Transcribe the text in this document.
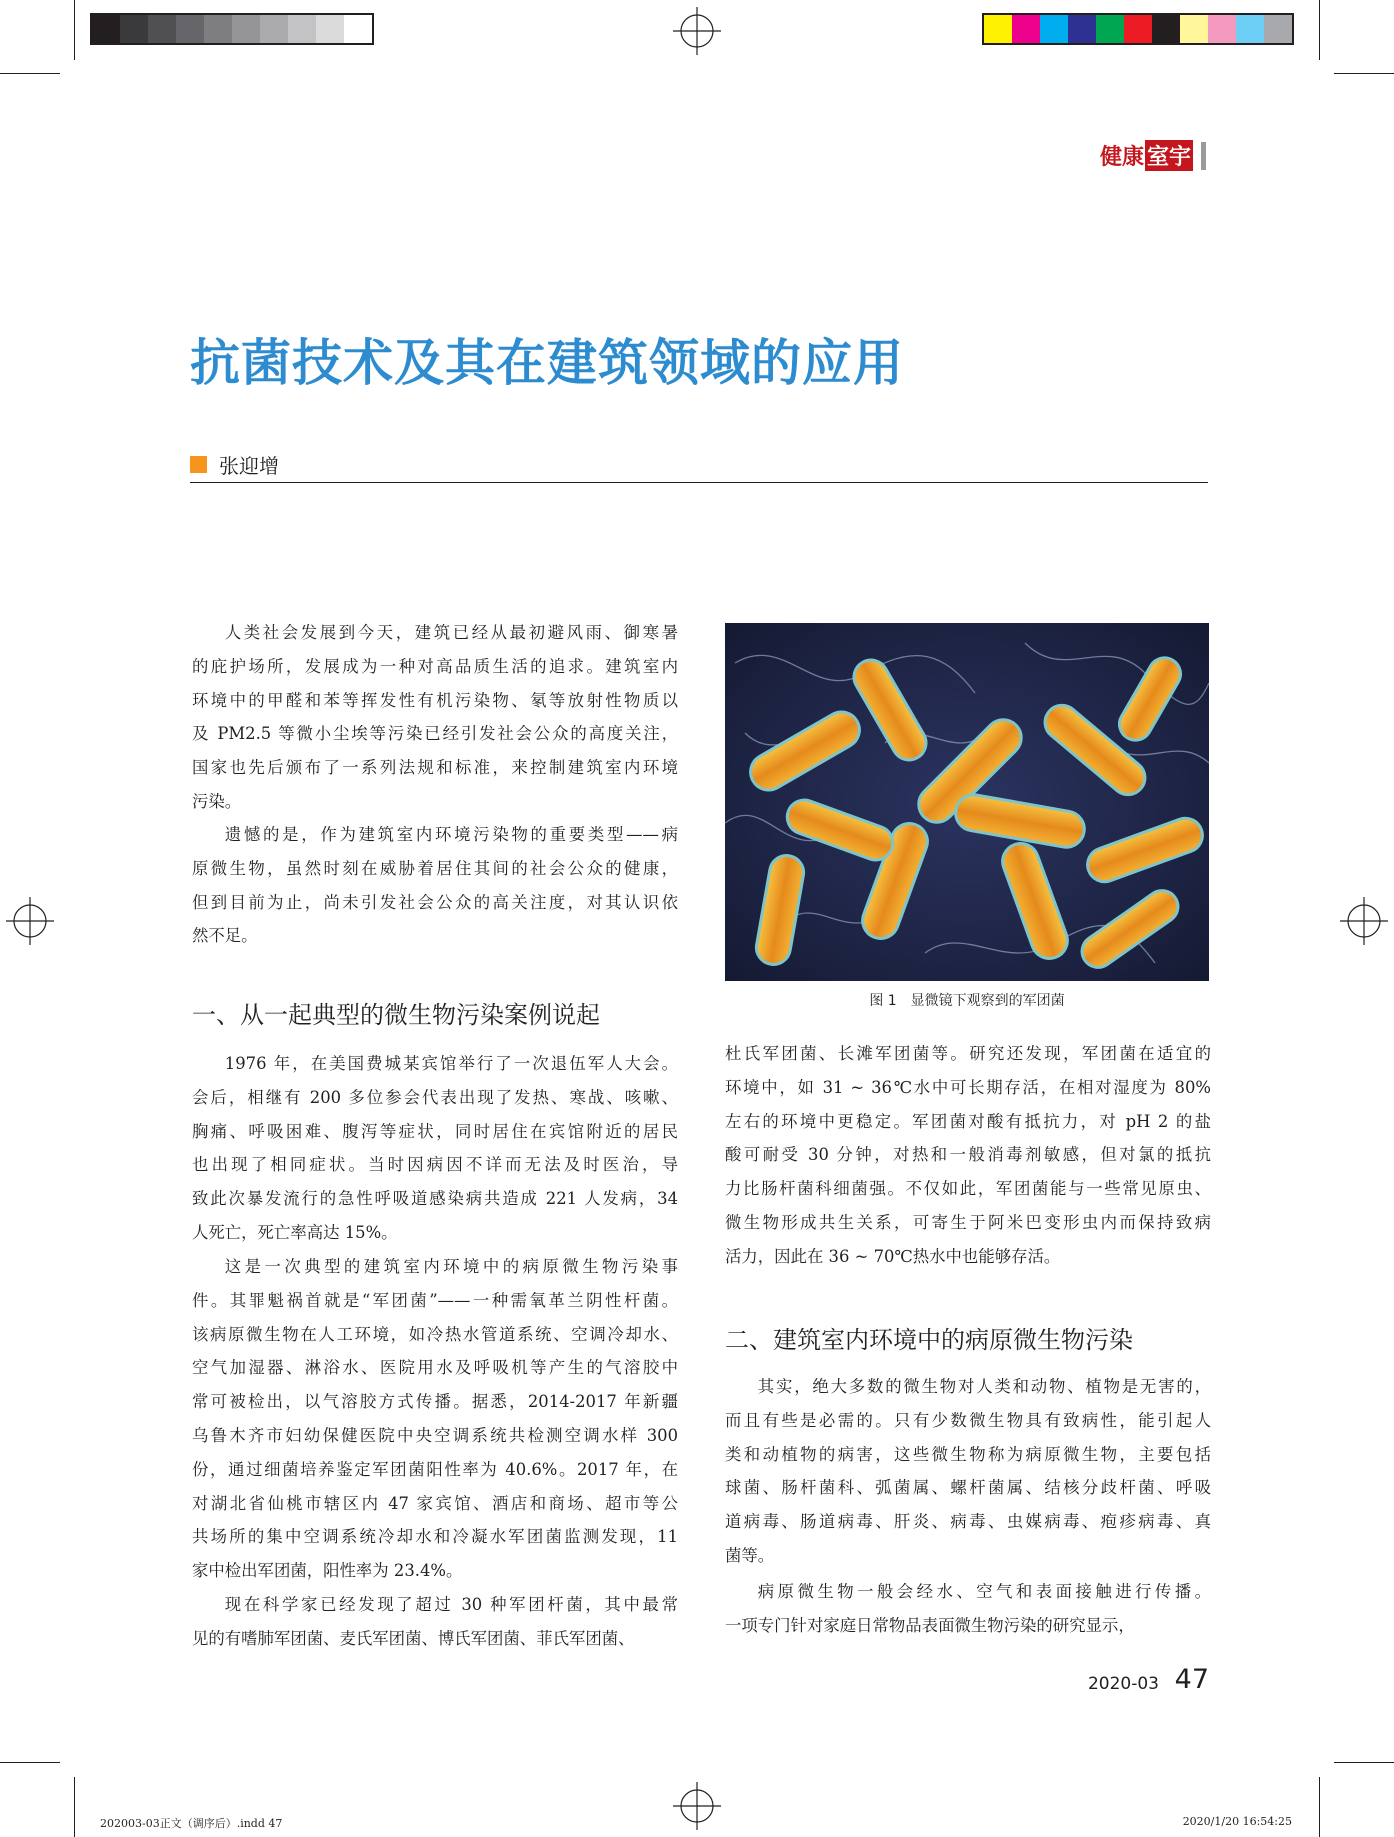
健康 室宇
抗菌技术及其在建筑领域的应用
张迎增
人类社会发展到今天，建筑已经从最初避风雨、御寒暑
的庇护场所，发展成为一种对高品质生活的追求。建筑室内
环境中的甲醛和苯等挥发性有机污染物、氡等放射性物质以
及 PM2.5 等微小尘埃等污染已经引发社会公众的高度关注，
国家也先后颁布了一系列法规和标准，来控制建筑室内环境
污染。
遗憾的是，作为建筑室内环境污染物的重要类型——病
原微生物，虽然时刻在威胁着居住其间的社会公众的健康，
但到目前为止，尚未引发社会公众的高关注度，对其认识依
然不足。
一、从一起典型的微生物污染案例说起
1976 年，在美国费城某宾馆举行了一次退伍军人大会。
会后，相继有 200 多位参会代表出现了发热、寒战、咳嗽、
胸痛、呼吸困难、腹泻等症状，同时居住在宾馆附近的居民
也出现了相同症状。当时因病因不详而无法及时医治，导
致此次暴发流行的急性呼吸道感染病共造成 221 人发病，34
人死亡，死亡率高达 15%。
这是一次典型的建筑室内环境中的病原微生物污染事
件。其罪魁祸首就是“军团菌”——一种需氧革兰阴性杆菌。
该病原微生物在人工环境，如冷热水管道系统、空调冷却水、
空气加湿器、淋浴水、医院用水及呼吸机等产生的气溶胶中
常可被检出，以气溶胶方式传播。据悉，2014-2017 年新疆
乌鲁木齐市妇幼保健医院中央空调系统共检测空调水样 300
份，通过细菌培养鉴定军团菌阳性率为 40.6%。2017 年，在
对湖北省仙桃市辖区内 47 家宾馆、酒店和商场、超市等公
共场所的集中空调系统冷却水和冷凝水军团菌监测发现，11
家中检出军团菌，阳性率为 23.4%。
现在科学家已经发现了超过 30 种军团杆菌，其中最常
见的有嗜肺军团菌、麦氏军团菌、博氏军团菌、菲氏军团菌、
图 1 显微镜下观察到的军团菌
杜氏军团菌、长滩军团菌等。研究还发现，军团菌在适宜的
环境中，如 31 ~ 36℃水中可长期存活，在相对湿度为 80%
左右的环境中更稳定。军团菌对酸有抵抗力，对 pH 2 的盐
酸可耐受 30 分钟，对热和一般消毒剂敏感，但对氯的抵抗
力比肠杆菌科细菌强。不仅如此，军团菌能与一些常见原虫、
微生物形成共生关系，可寄生于阿米巴变形虫内而保持致病
活力，因此在 36 ~ 70℃热水中也能够存活。
二、建筑室内环境中的病原微生物污染
其实，绝大多数的微生物对人类和动物、植物是无害的，
而且有些是必需的。只有少数微生物具有致病性，能引起人
类和动植物的病害，这些微生物称为病原微生物，主要包括
球菌、肠杆菌科、弧菌属、螺杆菌属、结核分歧杆菌、呼吸
道病毒、肠道病毒、肝炎、病毒、虫媒病毒、疱疹病毒、真
菌等。
病原微生物一般会经水、空气和表面接触进行传播。
一项专门针对家庭日常物品表面微生物污染的研究显示，
2020-03 47
202003-03正文（调序后）.indd 47	2020/1/20 16:54:25
